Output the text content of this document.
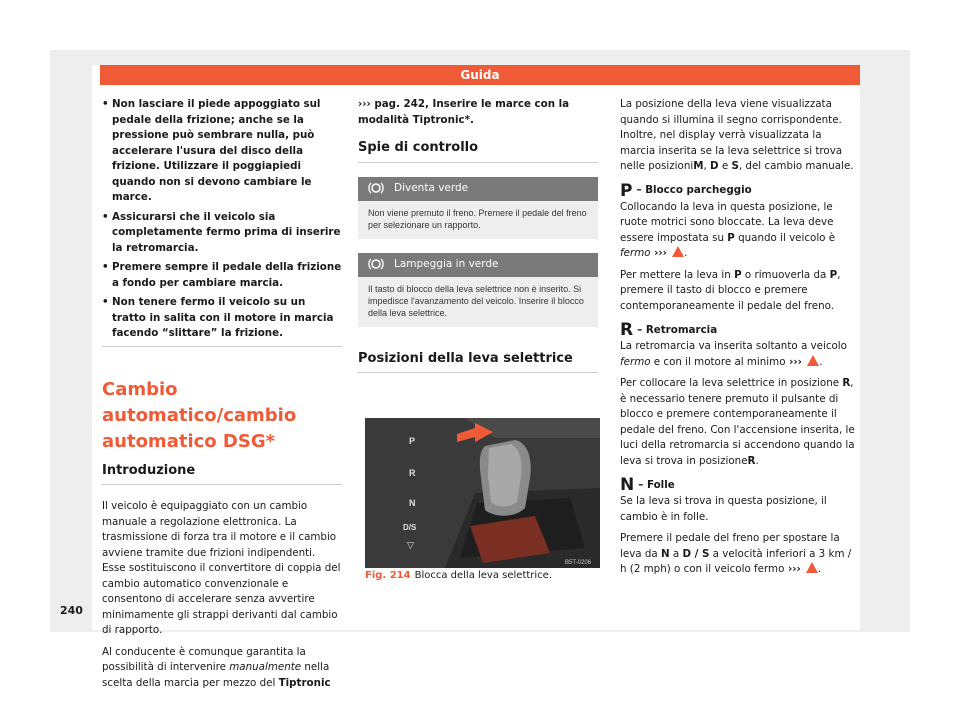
Guida
240
• Non lasciare il piede appoggiato sul pedale della frizione; anche se la pressione può sembrare nulla, può accelerare l'usura del disco della frizione. Utilizzare il poggiapiedi quando non si devono cambiare le marce.
• Assicurarsi che il veicolo sia completamente fermo prima di inserire la retromarcia.
• Premere sempre il pedale della frizione a fondo per cambiare marcia.
• Non tenere fermo il veicolo su un tratto in salita con il motore in marcia facendo “slittare” la frizione.
Cambio automatico/cambio automatico DSG*
Introduzione

Il veicolo è equipaggiato con un cambio manuale a regolazione elettronica. La trasmissione di forza tra il motore e il cambio avviene tramite due frizioni indipendenti. Esse sostituiscono il convertitore di coppia del cambio automatico convenzionale e consentono di accelerare senza avvertire minimamente gli strappi derivanti dal cambio di rapporto.

Al conducente è comunque garantita la possibilità di intervenire manualmente nella scelta della marcia per mezzo del Tiptronic

››› pag. 242, Inserire le marce con la modalità Tiptronic*.

Spie di controllo
Diventa verde
Non viene premuto il freno. Premere il pedale del freno per selezionare un rapporto.
Lampeggia in verde
Il tasto di blocco della leva selettrice non è inserito. Si impedisce l'avanzamento del veicolo. Inserire il blocco della leva selettrice.
Posizioni della leva selettrice
P
R
N
D/S
▽
B5T-0206
Fig. 214 Blocca della leva selettrice.

La posizione della leva viene visualizzata quando si illumina il segno corrispondente. Inoltre, nel display verrà visualizzata la marcia inserita se la leva selettrice si trova nelle posizioniM, D e S, del cambio manuale.

P – Blocco parcheggio

Collocando la leva in questa posizione, le ruote motrici sono bloccate. La leva deve essere impostata su P quando il veicolo è fermo ››› .

Per mettere la leva in P o rimuoverla da P, premere il tasto di blocco e premere contemporaneamente il pedale del freno.

R – Retromarcia

La retromarcia va inserita soltanto a veicolo fermo e con il motore al minimo ››› .

Per collocare la leva selettrice in posizione R, è necessario tenere premuto il pulsante di blocco e premere contemporaneamente il pedale del freno. Con l'accensione inserita, le luci della retromarcia si accendono quando la leva si trova in posizioneR.

N – Folle

Se la leva si trova in questa posizione, il cambio è in folle.

Premere il pedale del freno per spostare la leva da N a D / S a velocità inferiori a 3 km / h (2 mph) o con il veicolo fermo ››› .
